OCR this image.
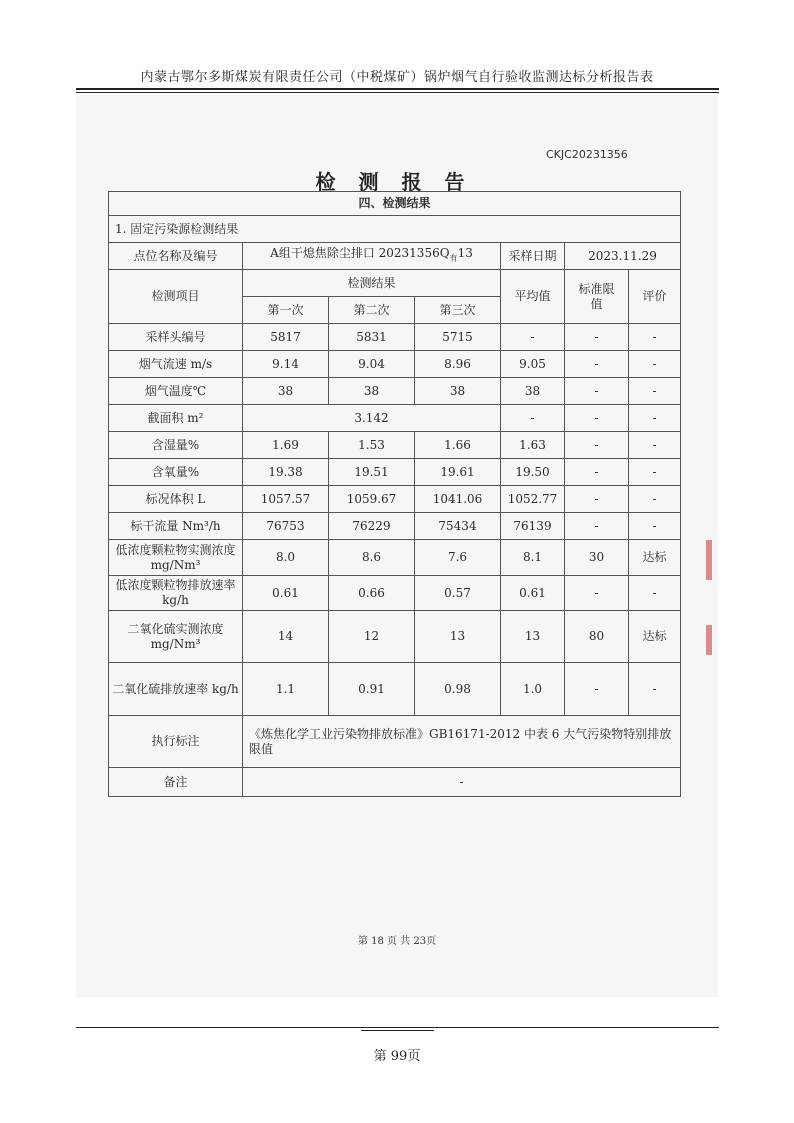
内蒙古鄂尔多斯煤炭有限责任公司（中税煤矿）锅炉烟气自行验收监测达标分析报告表
CKJC20231356
检 测 报 告
四、检测结果						
1. 固定污染源检测结果						
点位名称及编号	A组干熄焦除尘排口 $20231356Q_有13$			采样日期	2023.11.29	
检测项目	检测结果			平均值	标准限值	评价
	第一次	第二次	第三次			
采样头编号	5817	5831	5715	-	-	-
烟气流速 m/s	9.14	9.04	8.96	9.05	-	-
烟气温度℃	38	38	38	38	-	-
截面积 m²	3.142			-	-	-
含湿量%	1.69	1.53	1.66	1.63	-	-
含氧量%	19.38	19.51	19.61	19.50	-	-
标况体积 L	1057.57	1059.67	1041.06	1052.77	-	-
标干流量 Nm³/h	76753	76229	75434	76139	-	-
低浓度颗粒物实测浓度 mg/Nm³	8.0	8.6	7.6	8.1	30	达标
低浓度颗粒物排放速率 kg/h	0.61	0.66	0.57	0.61	-	-
二氧化硫实测浓度 mg/Nm³	14	12	13	13	80	达标
二氧化硫排放速率 kg/h	1.1	0.91	0.98	1.0	-	-
执行标注	《炼焦化学工业污染物排放标准》GB16171-2012 中表 6 大气污染物特别排放限值					
备注	-					
第 18 页 共 23页
第 99页
